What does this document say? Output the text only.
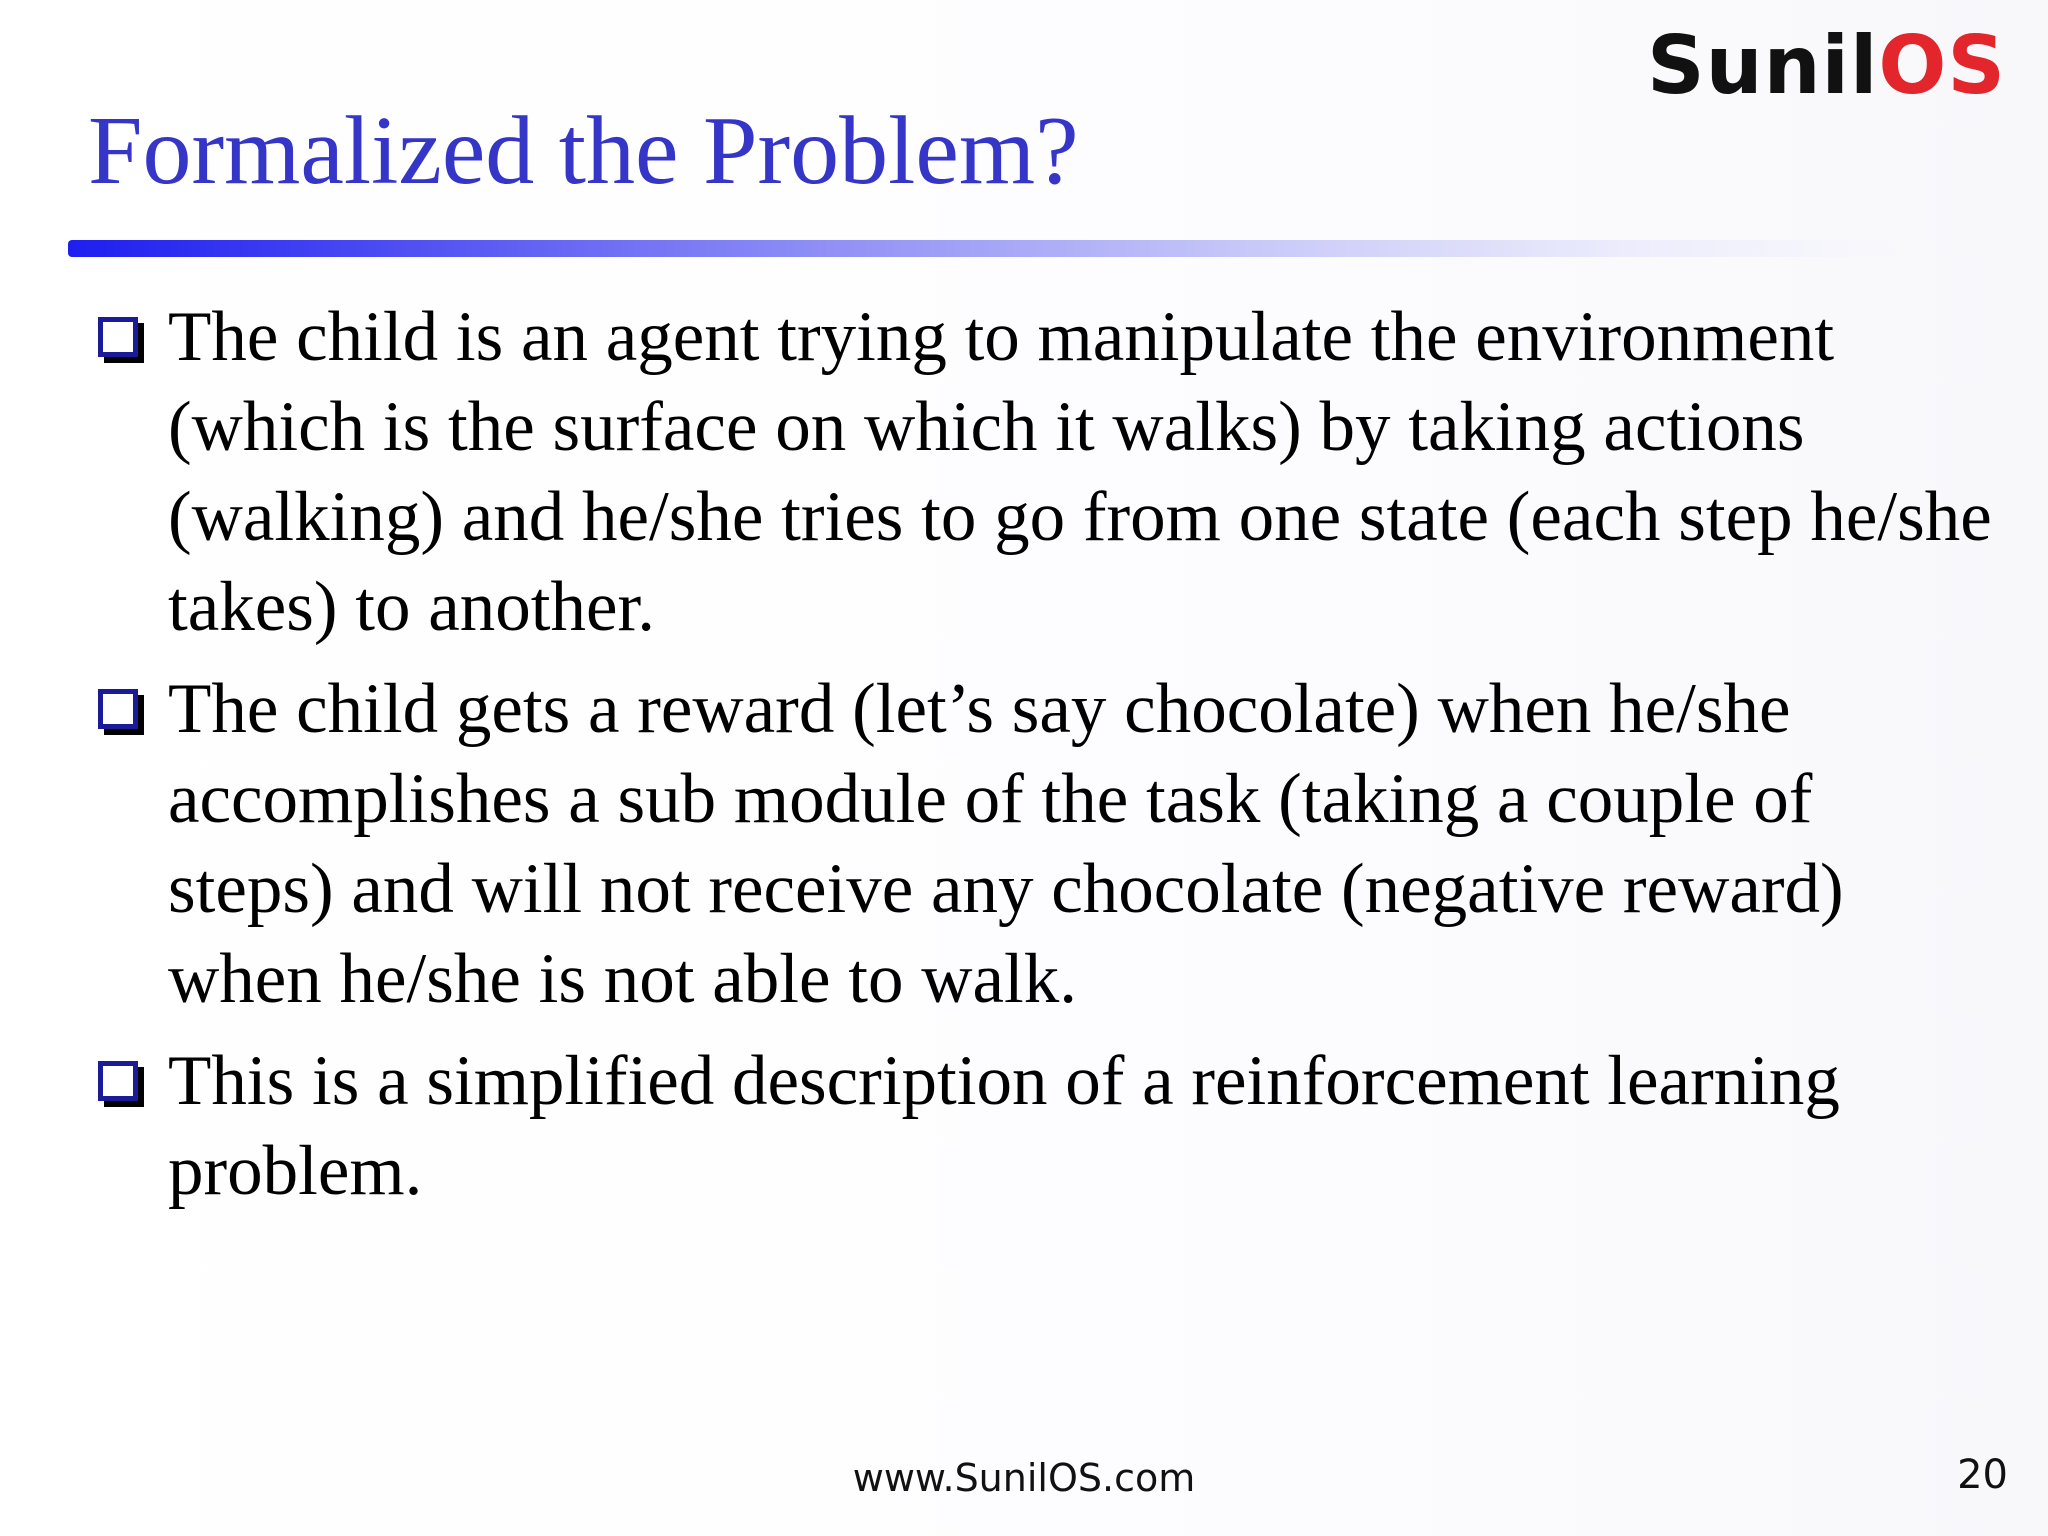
SunilOS
Formalized the Problem?
The child is an agent trying to manipulate the environment (which is the surface on which it walks) by taking actions (walking) and he/she tries to go from one state (each step he/she takes) to another.
The child gets a reward (let’s say chocolate) when he/she accomplishes a sub module of the task (taking a couple of steps) and will not receive any chocolate (negative reward) when he/she is not able to walk.
This is a simplified description of a reinforcement learning problem.
www.SunilOS.com	20
